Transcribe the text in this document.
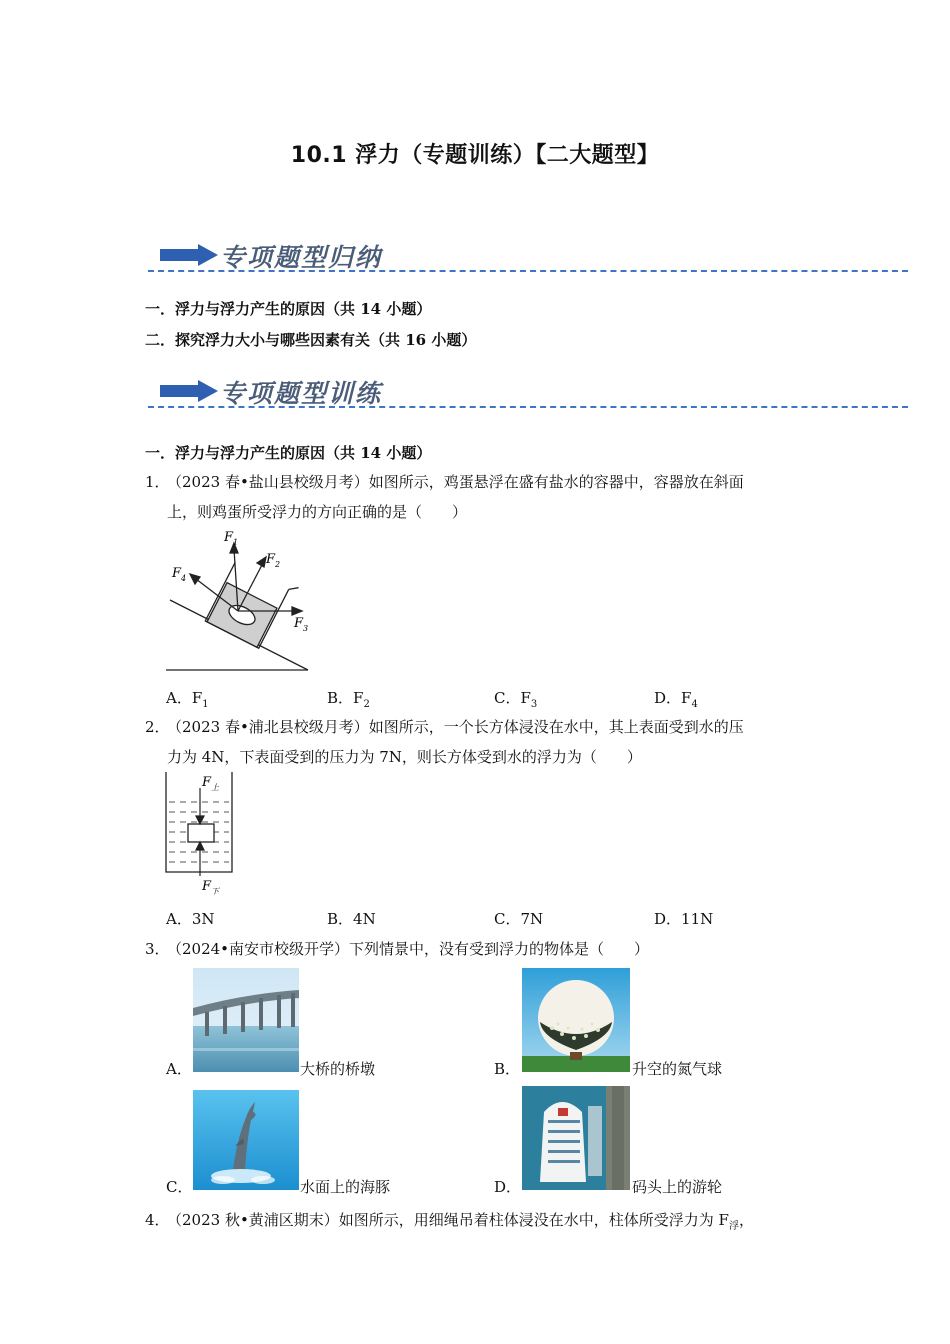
10.1 浮力（专题训练）【二大题型】
专项题型归纳
一．浮力与浮力产生的原因（共 14 小题）
二．探究浮力大小与哪些因素有关（共 16 小题）
专项题型训练
一．浮力与浮力产生的原因（共 14 小题）
1．
（2023 春•盐山县校级月考）如图所示，鸡蛋悬浮在盛有盐水的容器中，容器放在斜面
上，则鸡蛋所受浮力的方向正确的是（　　）
$F_1$
$F_2$
$F_3$
$F_4$
A．$F_1$	B．$F_2$	C．$F_3$	D．$F_4$
2．
（2023 春•浦北县校级月考）如图所示，一个长方体浸没在水中，其上表面受到水的压
力为 4N，下表面受到的压力为 7N，则长方体受到水的浮力为（　　）
$F_上$
$F_下$
A．3N	B．4N	C．7N	D．11N
3．
（2024•南安市校级开学）下列情景中，没有受到浮力的物体是（　　）
A．	大桥的桥墩	B．	升空的氮气球
C．	水面上的海豚	D．	码头上的游轮
4．
（2023 秋•黄浦区期末）如图所示，用细绳吊着柱体浸没在水中，柱体所受浮力为 $F_浮$，
